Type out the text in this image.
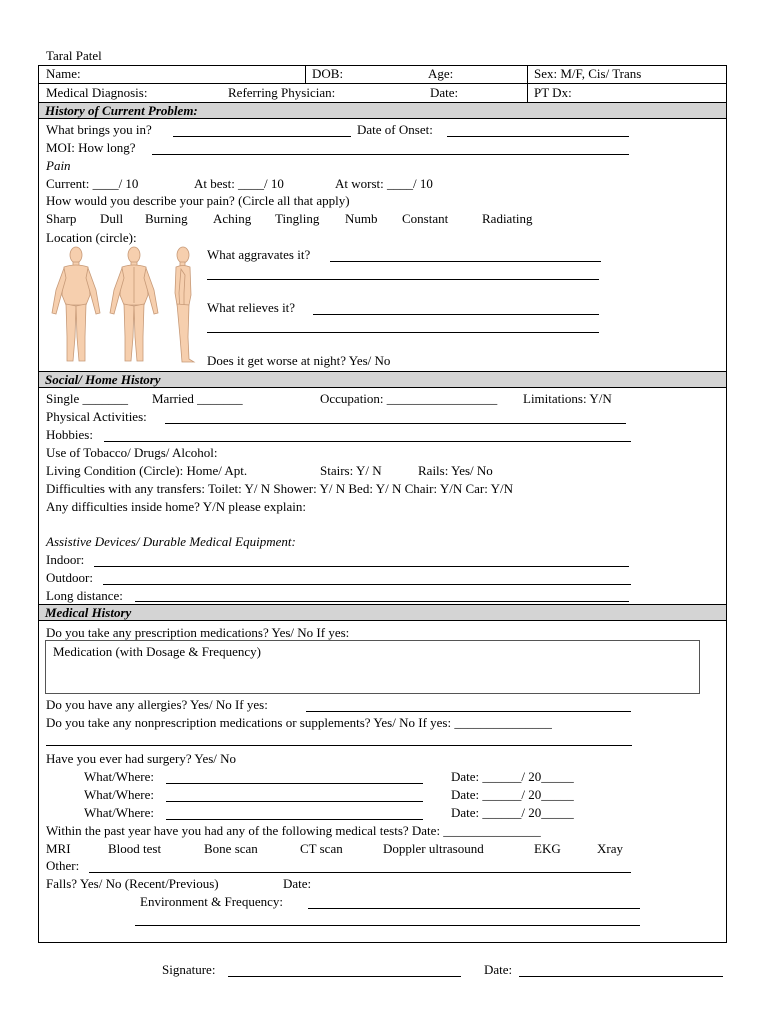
Taral Patel
Name:	DOB:	Age:	Sex: M/F, Cis/ Trans
Medical Diagnosis:	Referring Physician:	Date:	PT Dx:
History of Current Problem:
What brings you in?	Date of Onset:
MOI: How long?
Pain
Current: ____/ 10	At best: ____/ 10	At worst: ____/ 10
How would you describe your pain? (Circle all that apply)
Sharp Dull Burning Aching Tingling Numb Constant	Radiating
Location (circle):
What aggravates it?
What relieves it?
Does it get worse at night? Yes/ No
Social/ Home History
Single _______ Married _______	Occupation: _________________ Limitations: Y/N
Physical Activities:
Hobbies:
Use of Tobacco/ Drugs/ Alcohol:
Living Condition (Circle): Home/ Apt.	Stairs: Y/ N	Rails: Yes/ No
Difficulties with any transfers: Toilet: Y/ N Shower: Y/ N Bed: Y/ N Chair: Y/N Car: Y/N
Any difficulties inside home? Y/N please explain:
Assistive Devices/ Durable Medical Equipment:
Indoor:
Outdoor:
Long distance:
Medical History
Do you take any prescription medications? Yes/ No If yes:
Medication (with Dosage & Frequency)
Do you have any allergies? Yes/ No If yes:
Do you take any nonprescription medications or supplements? Yes/ No If yes: _______________
Have you ever had surgery? Yes/ No
What/Where:	Date: ______/ 20_____
What/Where:	Date: ______/ 20_____
What/Where:	Date: ______/ 20_____
Within the past year have you had any of the following medical tests? Date: _______________
MRI	Blood test	Bone scan	CT scan	Doppler ultrasound	EKG	Xray
Other:
Falls? Yes/ No (Recent/Previous)	Date:
Environment & Frequency:
Signature:	Date:
